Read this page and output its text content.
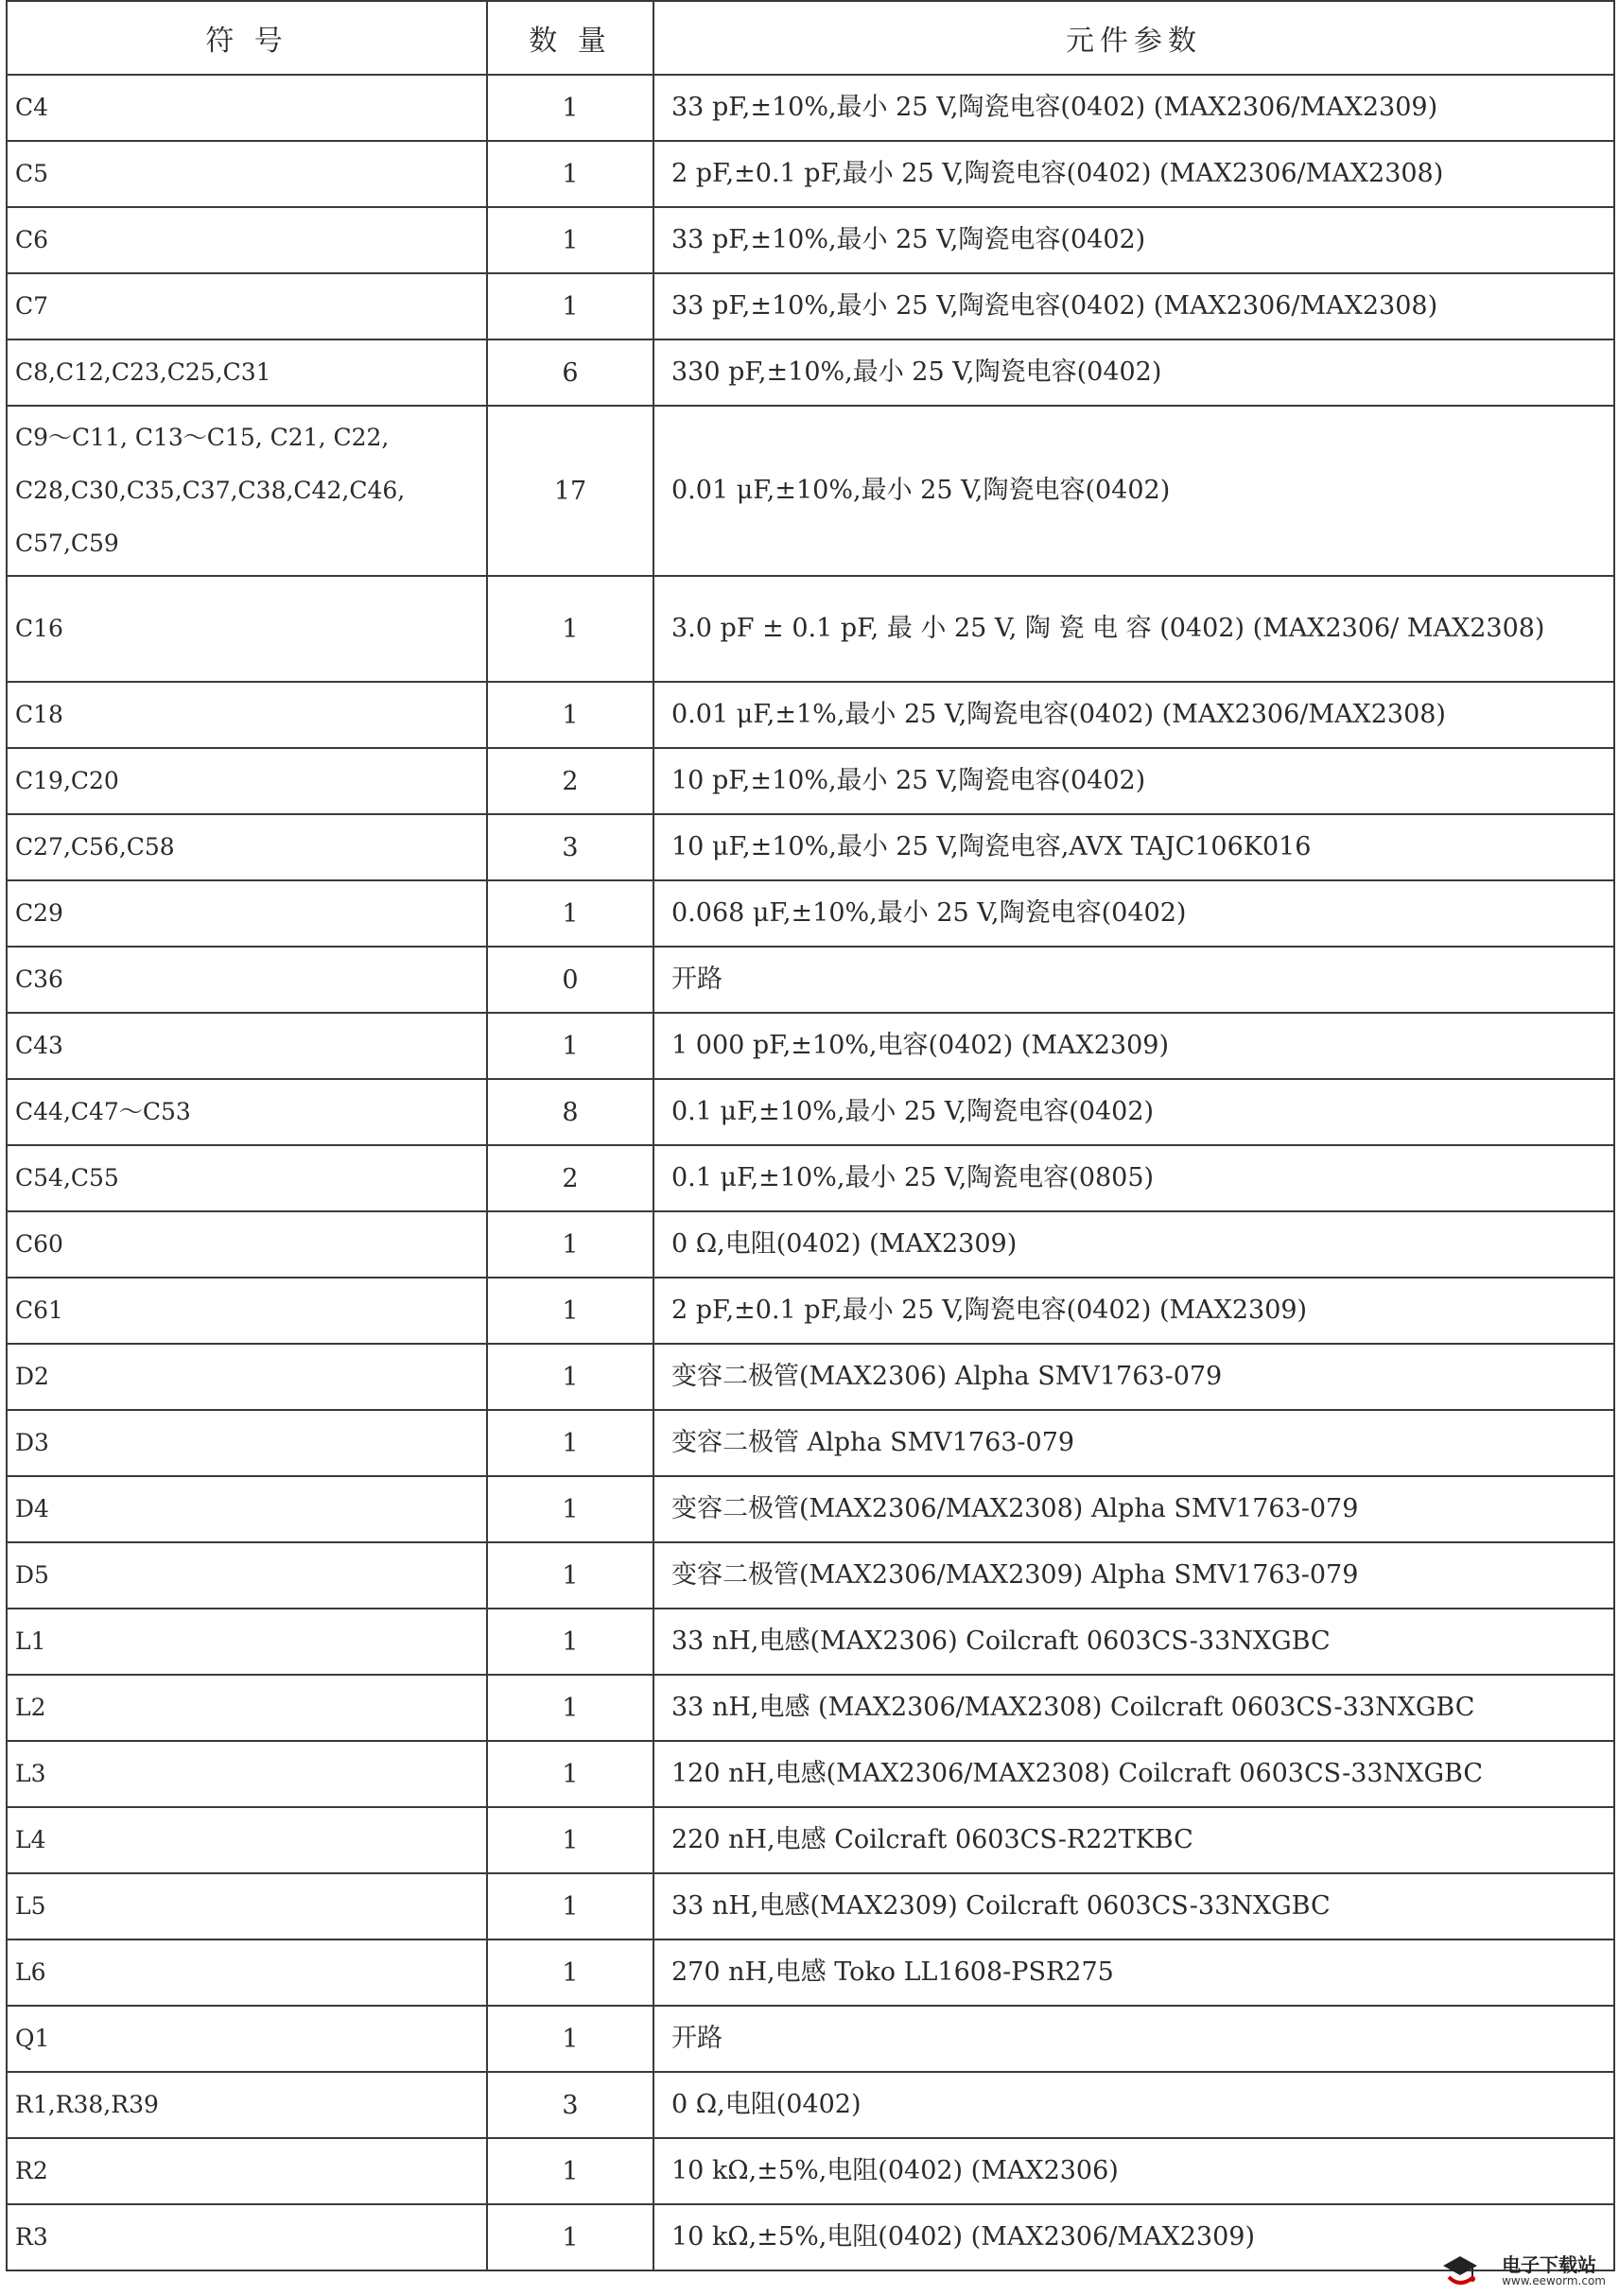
符 号	数 量	元件参数
C4	1	33 pF,±10%,最小 25 V,陶瓷电容(0402) (MAX2306/MAX2309)
C5	1	2 pF,±0.1 pF,最小 25 V,陶瓷电容(0402) (MAX2306/MAX2308)
C6	1	33 pF,±10%,最小 25 V,陶瓷电容(0402)
C7	1	33 pF,±10%,最小 25 V,陶瓷电容(0402) (MAX2306/MAX2308)
C8,C12,C23,C25,C31	6	330 pF,±10%,最小 25 V,陶瓷电容(0402)
C9～C11, C13～C15, C21, C22, C28,C30,C35,C37,C38,C42,C46, C57,C59	17	0.01 μF,±10%,最小 25 V,陶瓷电容(0402)
C16	1	3.0 pF ± 0.1 pF, 最 小 25 V, 陶 瓷 电 容 (0402) (MAX2306/ MAX2308)
C18	1	0.01 μF,±1%,最小 25 V,陶瓷电容(0402) (MAX2306/MAX2308)
C19,C20	2	10 pF,±10%,最小 25 V,陶瓷电容(0402)
C27,C56,C58	3	10 μF,±10%,最小 25 V,陶瓷电容,AVX TAJC106K016
C29	1	0.068 μF,±10%,最小 25 V,陶瓷电容(0402)
C36	0	开路
C43	1	1 000 pF,±10%,电容(0402) (MAX2309)
C44,C47～C53	8	0.1 μF,±10%,最小 25 V,陶瓷电容(0402)
C54,C55	2	0.1 μF,±10%,最小 25 V,陶瓷电容(0805)
C60	1	0 Ω,电阻(0402) (MAX2309)
C61	1	2 pF,±0.1 pF,最小 25 V,陶瓷电容(0402) (MAX2309)
D2	1	变容二极管(MAX2306) Alpha SMV1763-079
D3	1	变容二极管 Alpha SMV1763-079
D4	1	变容二极管(MAX2306/MAX2308) Alpha SMV1763-079
D5	1	变容二极管(MAX2306/MAX2309) Alpha SMV1763-079
L1	1	33 nH,电感(MAX2306) Coilcraft 0603CS-33NXGBC
L2	1	33 nH,电感 (MAX2306/MAX2308) Coilcraft 0603CS-33NXGBC
L3	1	120 nH,电感(MAX2306/MAX2308) Coilcraft 0603CS-33NXGBC
L4	1	220 nH,电感 Coilcraft 0603CS-R22TKBC
L5	1	33 nH,电感(MAX2309) Coilcraft 0603CS-33NXGBC
L6	1	270 nH,电感 Toko LL1608-PSR275
Q1	1	开路
R1,R38,R39	3	0 Ω,电阻(0402)
R2	1	10 kΩ,±5%,电阻(0402) (MAX2306)
R3	1	10 kΩ,±5%,电阻(0402) (MAX2306/MAX2309)
电子下载站
www.eeworm.com
